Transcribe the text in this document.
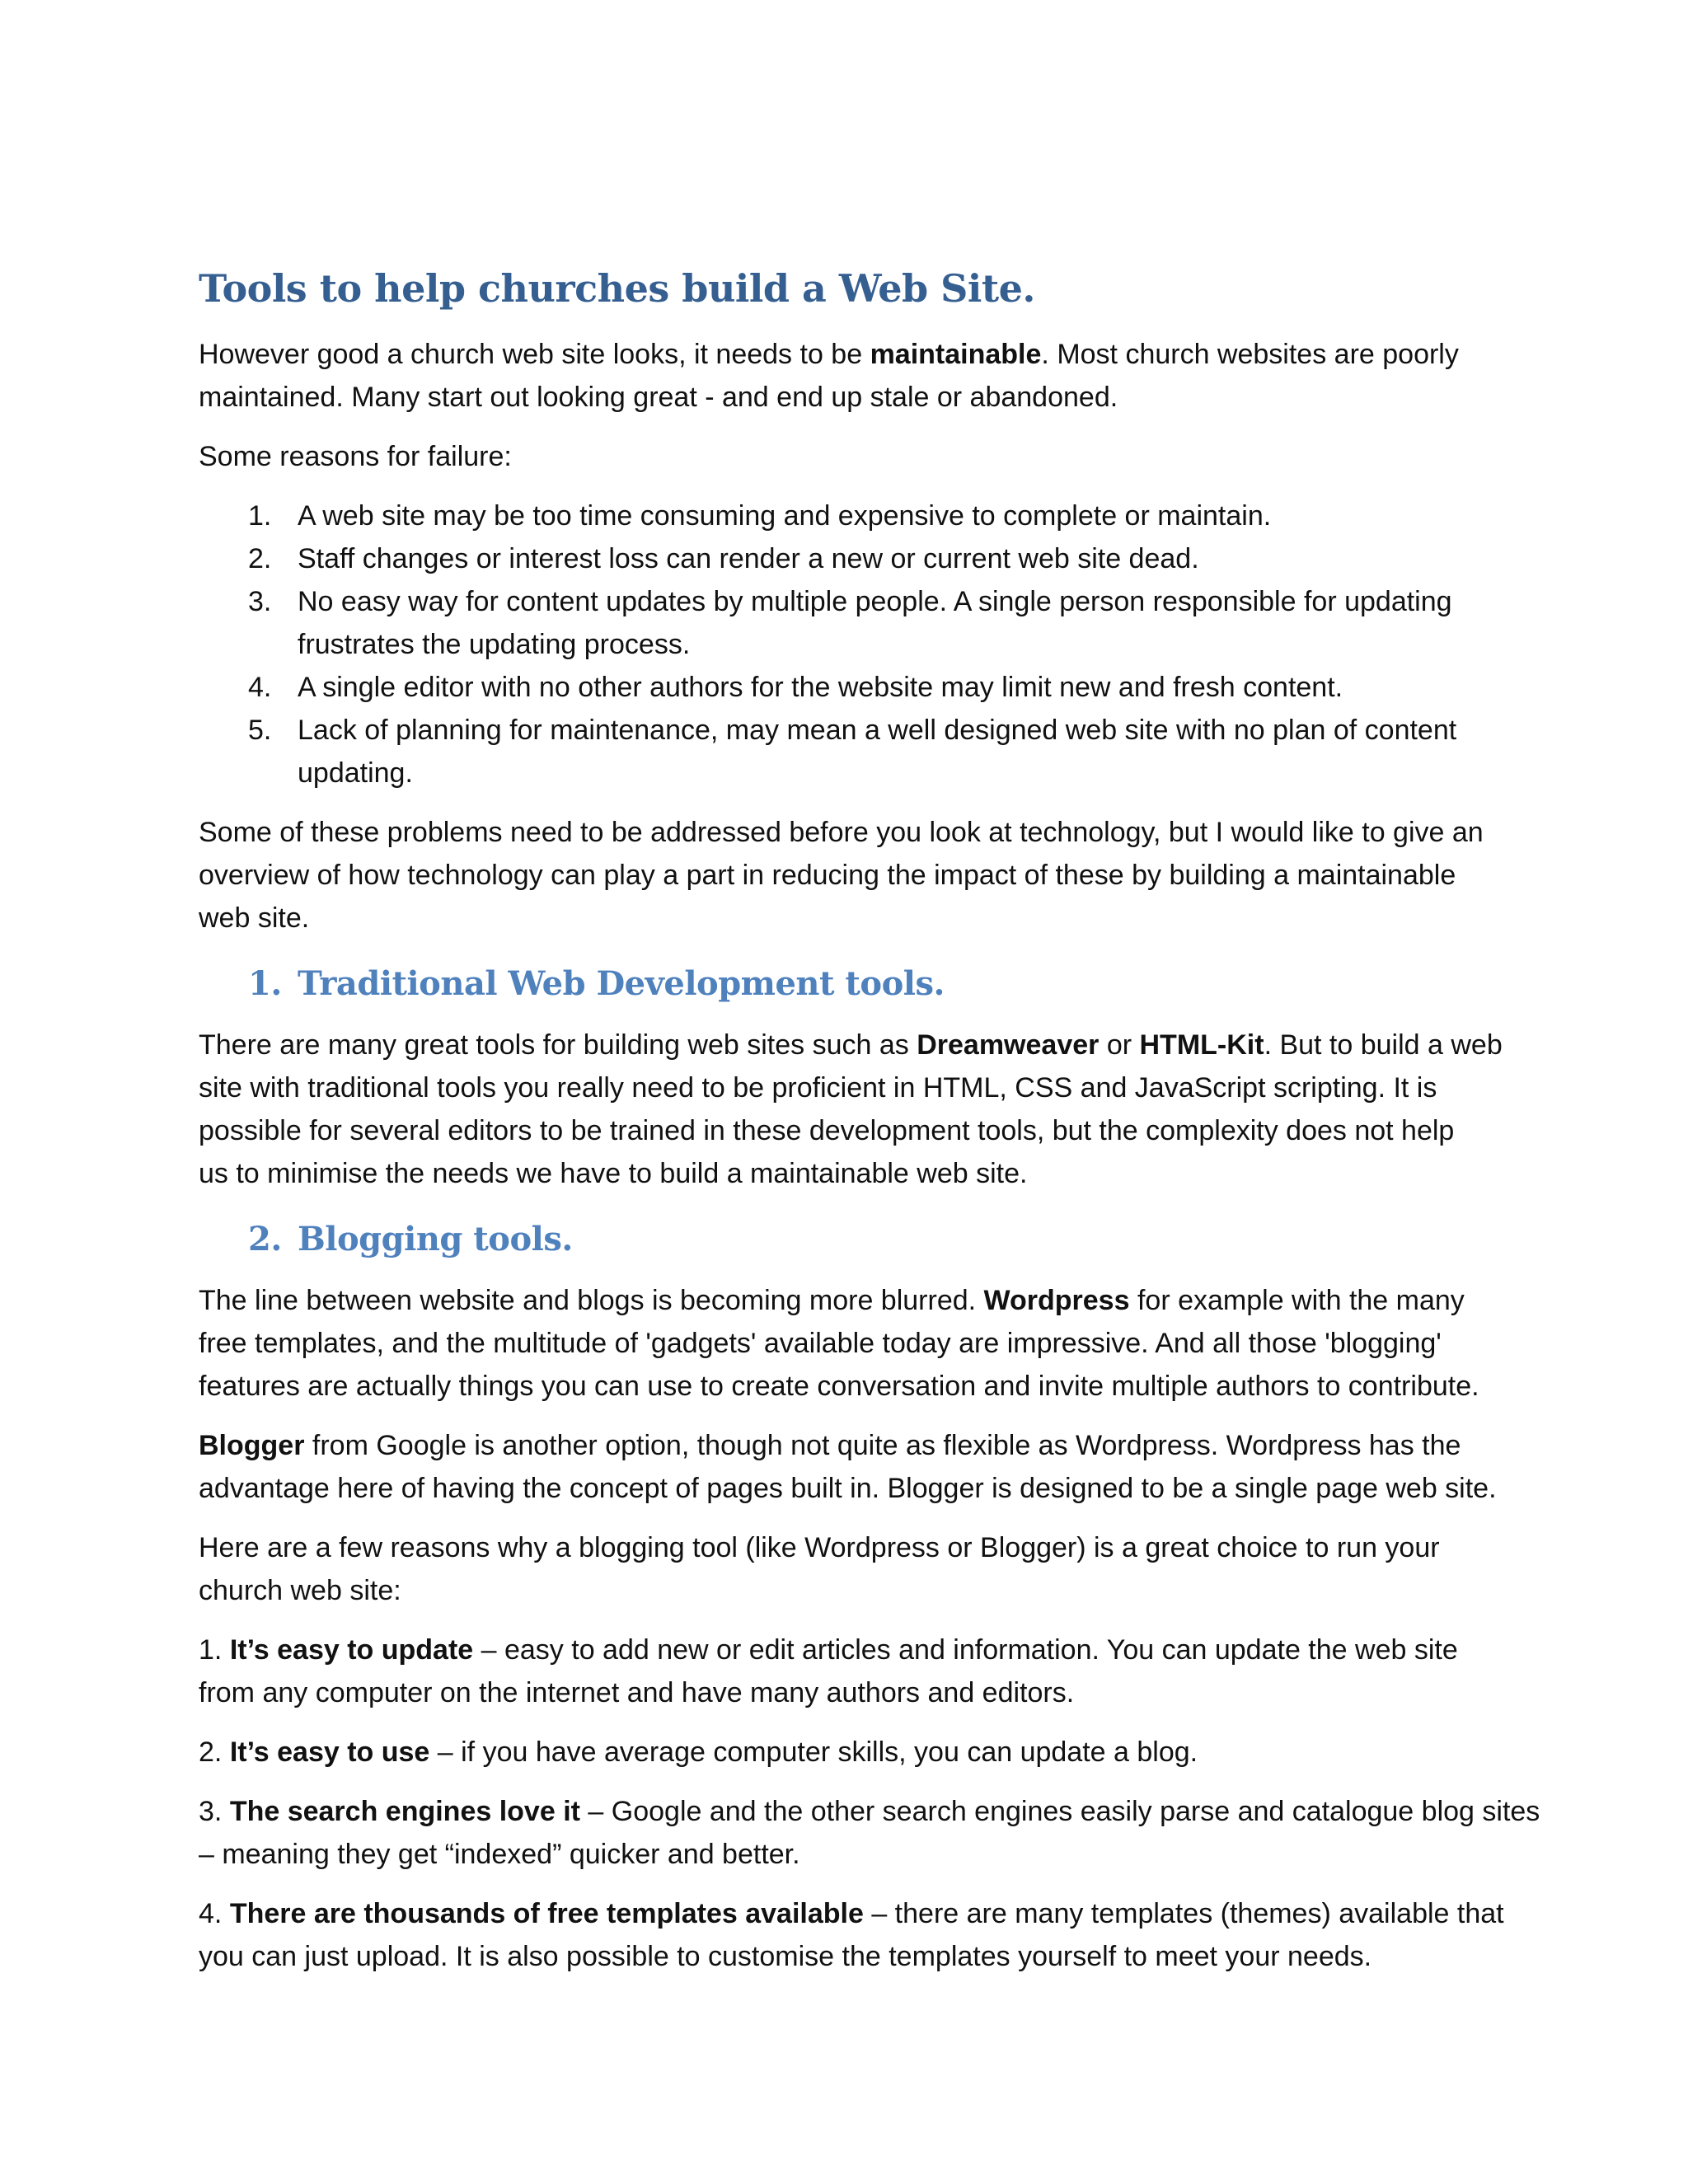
Tools to help churches build a Web Site.

However good a church web site looks, it needs to be maintainable. Most church websites are poorly
maintained. Many start out looking great - and end up stale or abandoned.

Some reasons for failure:

1. A web site may be too time consuming and expensive to complete or maintain.
2. Staff changes or interest loss can render a new or current web site dead.
3. No easy way for content updates by multiple people. A single person responsible for updating
frustrates the updating process.
4. A single editor with no other authors for the website may limit new and fresh content.
5. Lack of planning for maintenance, may mean a well designed web site with no plan of content
updating.

Some of these problems need to be addressed before you look at technology, but I would like to give an
overview of how technology can play a part in reducing the impact of these by building a maintainable
web site.

1. Traditional Web Development tools.

There are many great tools for building web sites such as Dreamweaver or HTML-Kit. But to build a web
site with traditional tools you really need to be proficient in HTML, CSS and JavaScript scripting. It is
possible for several editors to be trained in these development tools, but the complexity does not help
us to minimise the needs we have to build a maintainable web site.

2. Blogging tools.

The line between website and blogs is becoming more blurred. Wordpress for example with the many
free templates, and the multitude of 'gadgets' available today are impressive. And all those 'blogging'
features are actually things you can use to create conversation and invite multiple authors to contribute.

Blogger from Google is another option, though not quite as flexible as Wordpress. Wordpress has the
advantage here of having the concept of pages built in. Blogger is designed to be a single page web site.

Here are a few reasons why a blogging tool (like Wordpress or Blogger) is a great choice to run your
church web site:

1. It’s easy to update – easy to add new or edit articles and information. You can update the web site
from any computer on the internet and have many authors and editors.

2. It’s easy to use – if you have average computer skills, you can update a blog.

3. The search engines love it – Google and the other search engines easily parse and catalogue blog sites
– meaning they get “indexed” quicker and better.

4. There are thousands of free templates available – there are many templates (themes) available that
you can just upload. It is also possible to customise the templates yourself to meet your needs.
